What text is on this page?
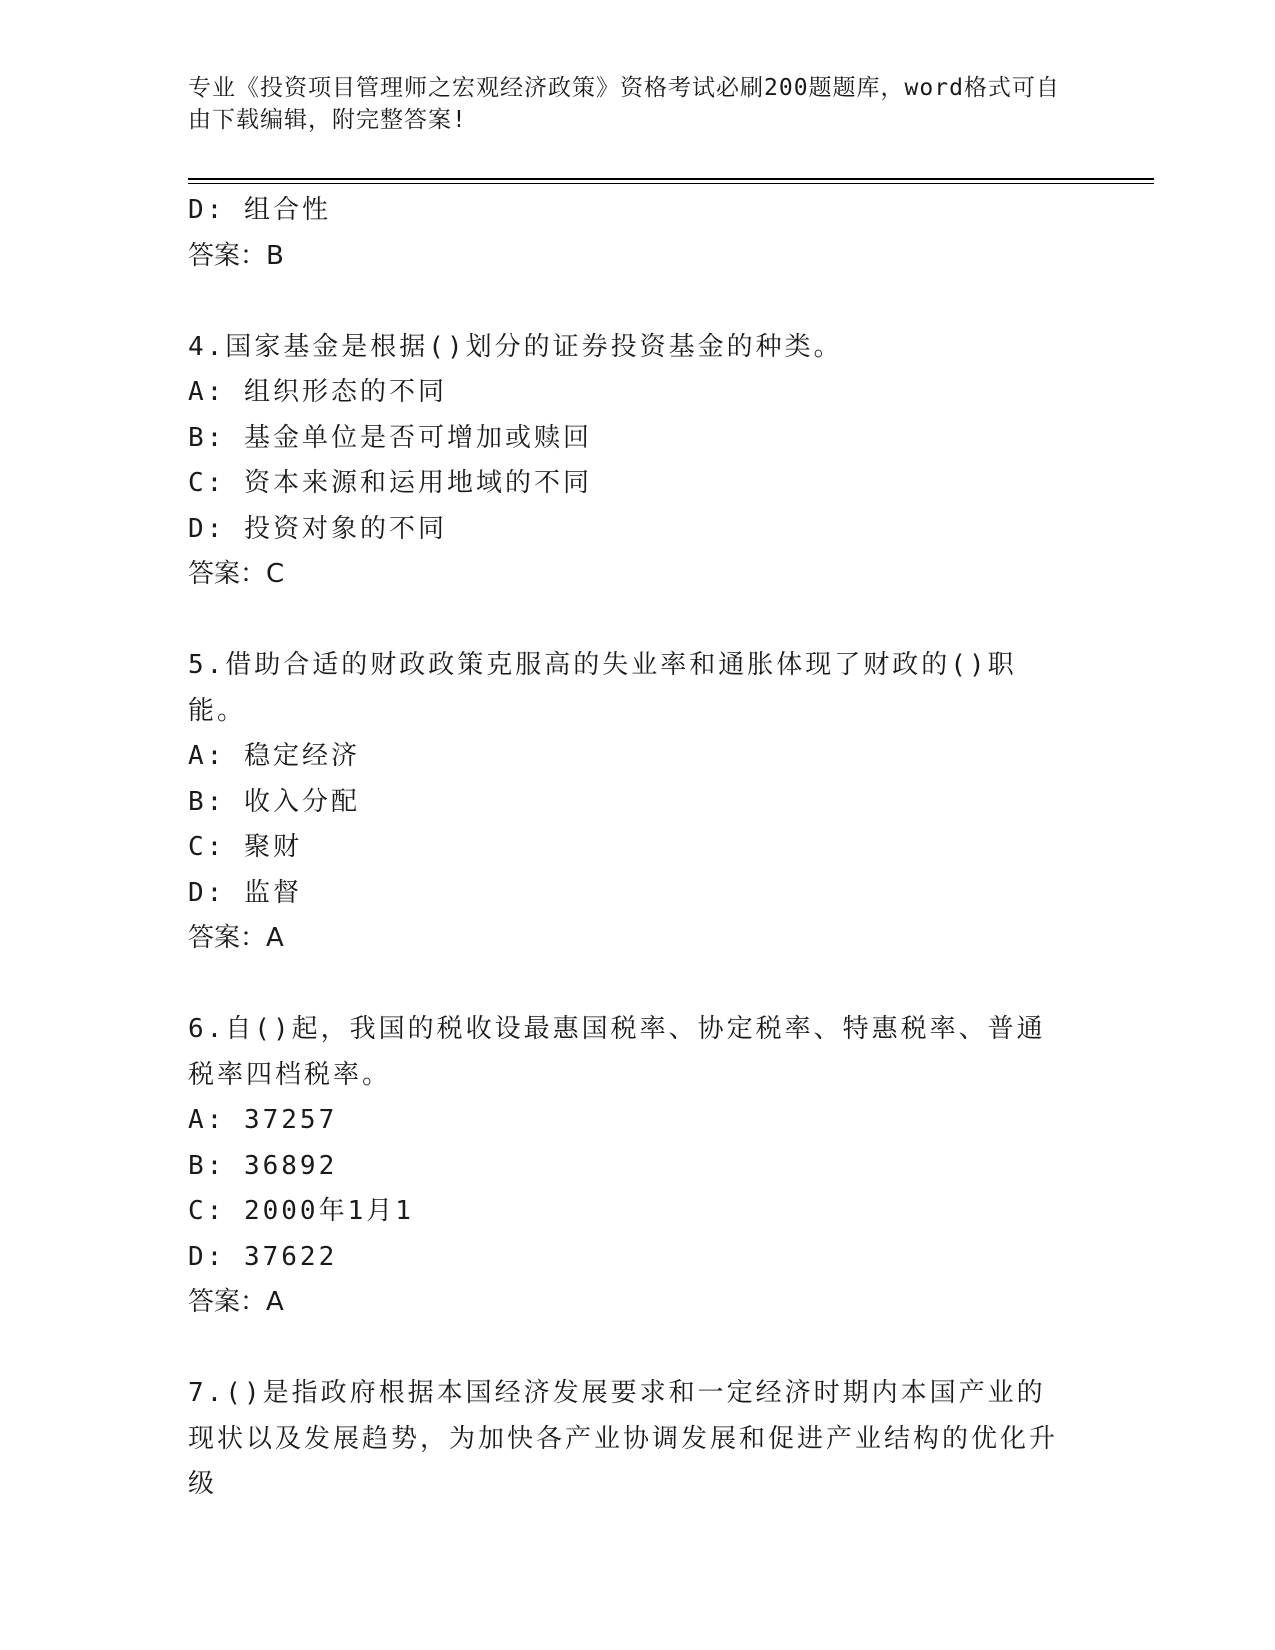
专业《投资项目管理师之宏观经济政策》资格考试必刷200题题库，word格式可自由下载编辑，附完整答案!
D: 组合性
答案：B
4.国家基金是根据()划分的证券投资基金的种类。
A: 组织形态的不同
B: 基金单位是否可增加或赎回
C: 资本来源和运用地域的不同
D: 投资对象的不同
答案：C
5.借助合适的财政政策克服高的失业率和通胀体现了财政的()职能。
A: 稳定经济
B: 收入分配
C: 聚财
D: 监督
答案：A
6.自()起，我国的税收设最惠国税率、协定税率、特惠税率、普通税率四档税率。
A: 37257
B: 36892
C: 2000年1月1
D: 37622
答案：A
7.()是指政府根据本国经济发展要求和一定经济时期内本国产业的现状以及发展趋势，为加快各产业协调发展和促进产业结构的优化升级
